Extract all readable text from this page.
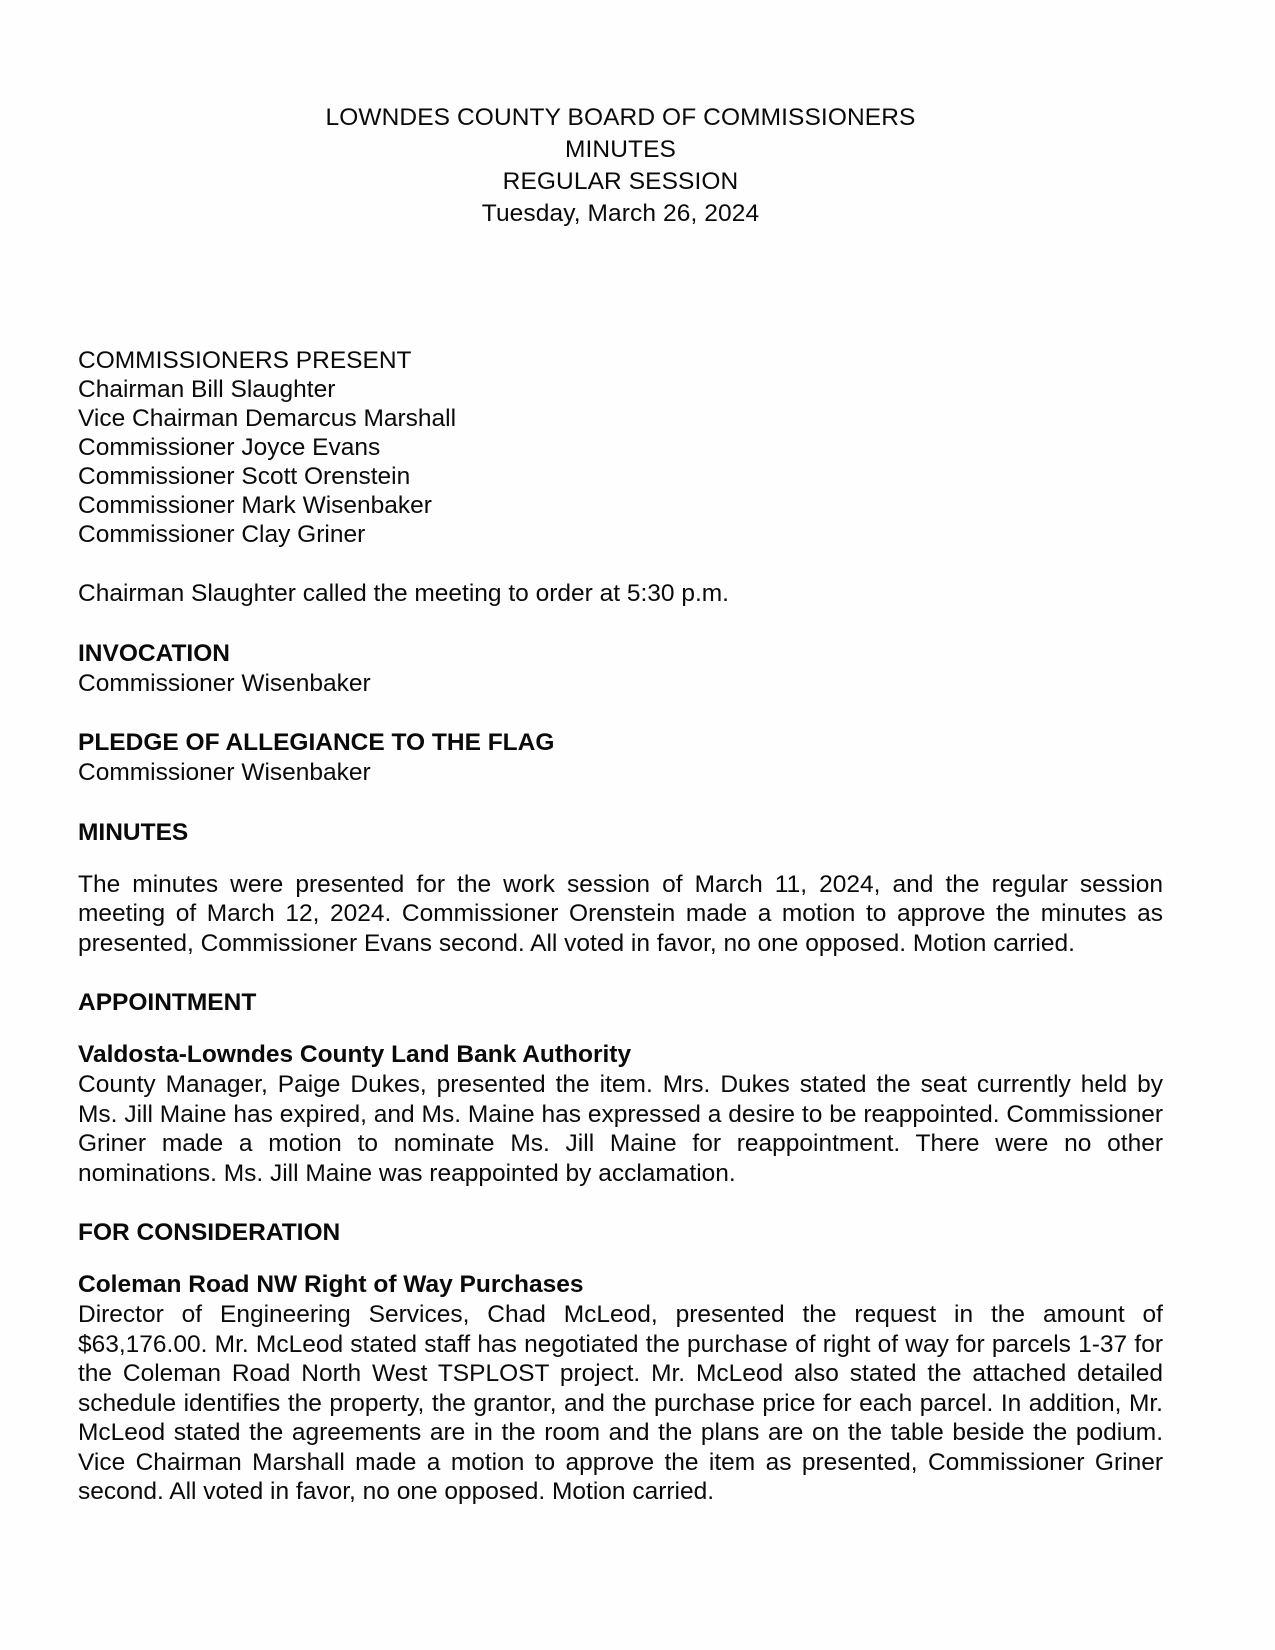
LOWNDES COUNTY BOARD OF COMMISSIONERS
MINUTES
REGULAR SESSION
Tuesday, March 26, 2024
COMMISSIONERS PRESENT
Chairman Bill Slaughter
Vice Chairman Demarcus Marshall
Commissioner Joyce Evans
Commissioner Scott Orenstein
Commissioner Mark Wisenbaker
Commissioner Clay Griner

Chairman Slaughter called the meeting to order at 5:30 p.m.

INVOCATION

Commissioner Wisenbaker

PLEDGE OF ALLEGIANCE TO THE FLAG

Commissioner Wisenbaker

MINUTES

The minutes were presented for the work session of March 11, 2024, and the regular session meeting of March 12, 2024. Commissioner Orenstein made a motion to approve the minutes as presented, Commissioner Evans second. All voted in favor, no one opposed. Motion carried.

APPOINTMENT
Valdosta-Lowndes County Land Bank Authority

County Manager, Paige Dukes, presented the item. Mrs. Dukes stated the seat currently held by Ms. Jill Maine has expired, and Ms. Maine has expressed a desire to be reappointed. Commissioner Griner made a motion to nominate Ms. Jill Maine for reappointment. There were no other nominations. Ms. Jill Maine was reappointed by acclamation.

FOR CONSIDERATION
Coleman Road NW Right of Way Purchases

Director of Engineering Services, Chad McLeod, presented the request in the amount of $63,176.00. Mr. McLeod stated staff has negotiated the purchase of right of way for parcels 1-37 for the Coleman Road North West TSPLOST project. Mr. McLeod also stated the attached detailed schedule identifies the property, the grantor, and the purchase price for each parcel. In addition, Mr. McLeod stated the agreements are in the room and the plans are on the table beside the podium. Vice Chairman Marshall made a motion to approve the item as presented, Commissioner Griner second. All voted in favor, no one opposed. Motion carried.
